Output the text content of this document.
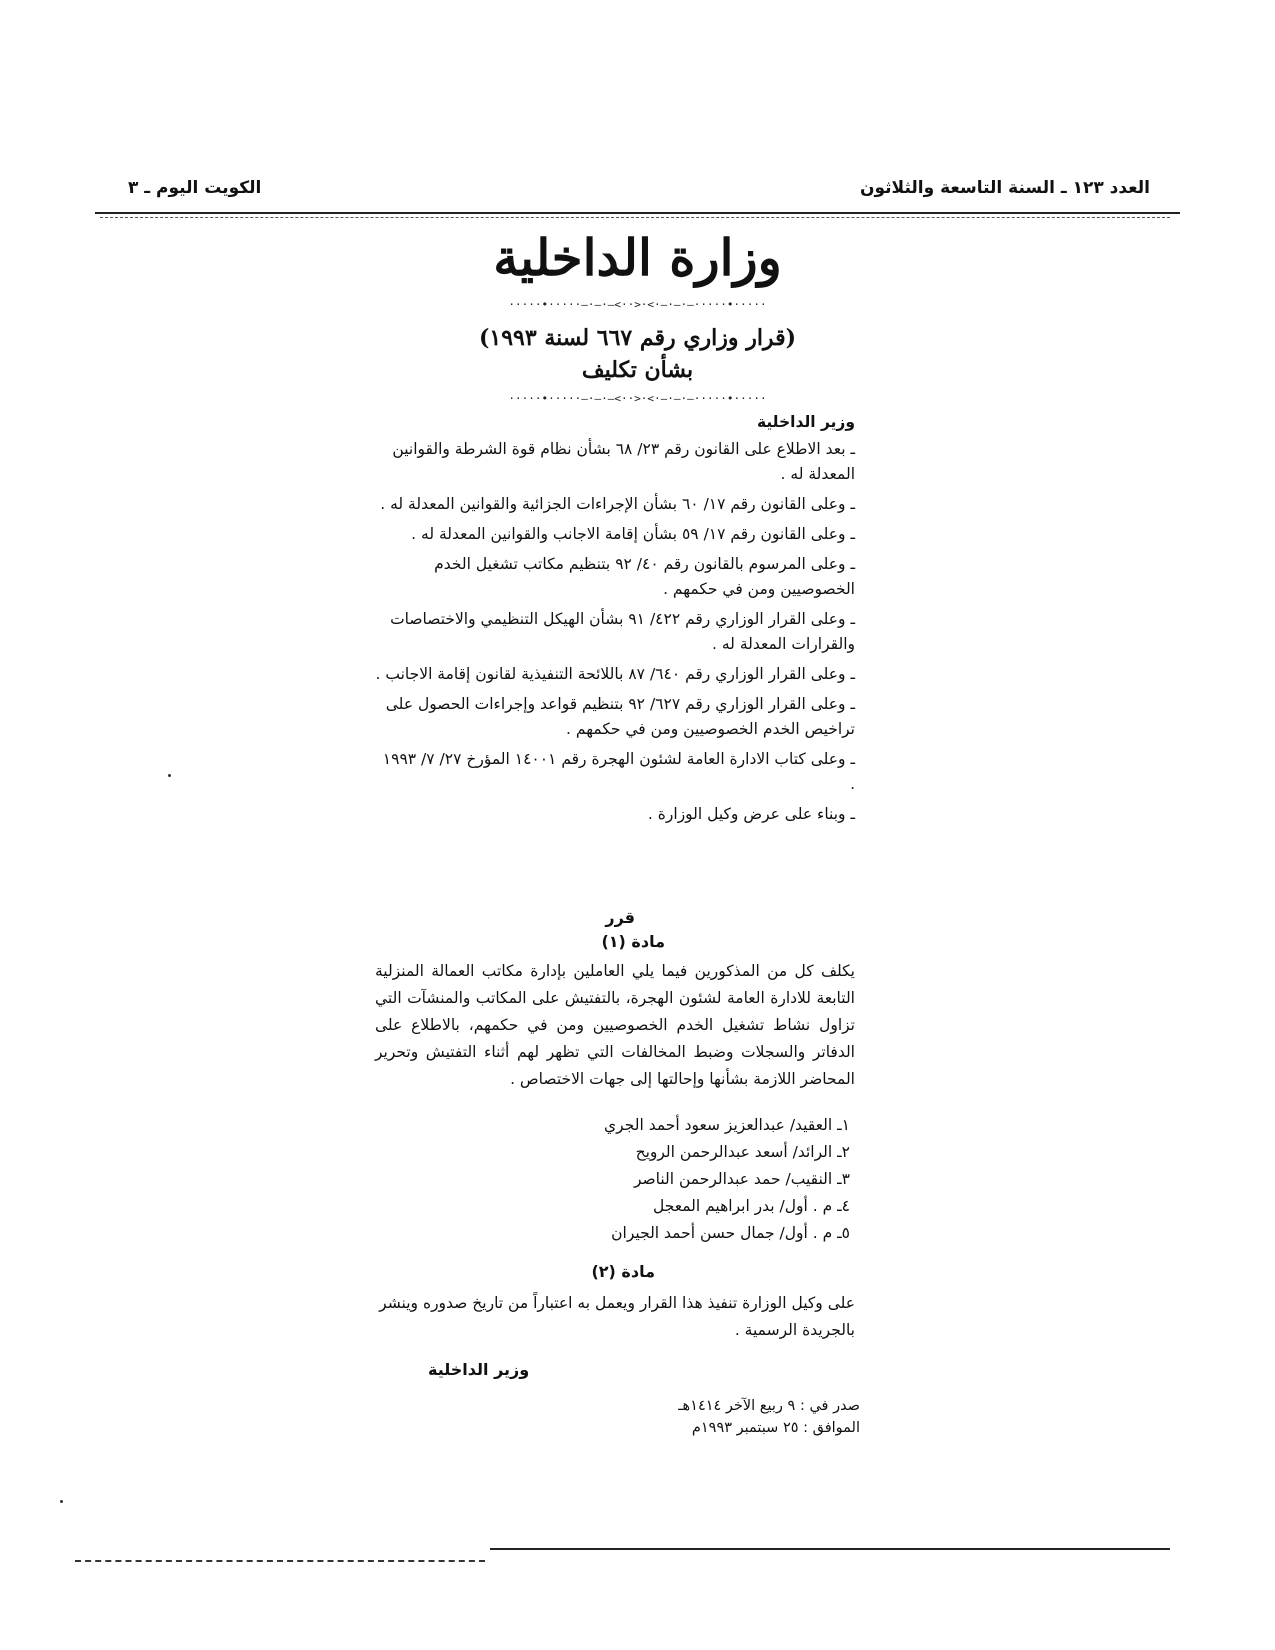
الكويت اليوم ـ ٣	العدد ١٢٣ ـ السنة التاسعة والثلاثون
وزارة الداخلية
·····•·····—·—·—<··>·<·—·—·—·····•·····
(قرار وزاري رقم ٦٦٧ لسنة ١٩٩٣)
بشأن تكليف
·····•·····—·—·—<··>·<·—·—·—·····•·····
وزير الداخلية

ـ بعد الاطلاع على القانون رقم ٢٣/ ٦٨ بشأن نظام قوة الشرطة والقوانين المعدلة له .

ـ وعلى القانون رقم ١٧/ ٦٠ بشأن الإجراءات الجزائية والقوانين المعدلة له .

ـ وعلى القانون رقم ١٧/ ٥٩ بشأن إقامة الاجانب والقوانين المعدلة له .

ـ وعلى المرسوم بالقانون رقم ٤٠/ ٩٢ بتنظيم مكاتب تشغيل الخدم الخصوصيين ومن في حكمهم .

ـ وعلى القرار الوزاري رقم ٤٢٢/ ٩١ بشأن الهيكل التنظيمي والاختصاصات والقرارات المعدلة له .

ـ وعلى القرار الوزاري رقم ٦٤٠/ ٨٧ باللائحة التنفيذية لقانون إقامة الاجانب .

ـ وعلى القرار الوزاري رقم ٦٢٧/ ٩٢ بتنظيم قواعد وإجراءات الحصول على تراخيص الخدم الخصوصيين ومن في حكمهم .

ـ وعلى كتاب الادارة العامة لشئون الهجرة رقم ١٤٠٠١ المؤرخ ٢٧/ ٧/ ١٩٩٣ .

ـ وبناء على عرض وكيل الوزارة .

قرر
مادة (١)
يكلف كل من المذكورين فيما يلي العاملين بإدارة مكاتب العمالة المنزلية التابعة للادارة العامة لشئون الهجرة، بالتفتيش على المكاتب والمنشآت التي تزاول نشاط تشغيل الخدم الخصوصيين ومن في حكمهم، بالاطلاع على الدفاتر والسجلات وضبط المخالفات التي تظهر لهم أثناء التفتيش وتحرير المحاضر اللازمة بشأنها وإحالتها إلى جهات الاختصاص .
١ـ العقيد/ عبدالعزيز سعود أحمد الجري
٢ـ الرائد/ أسعد عبدالرحمن الرويح
٣ـ النقيب/ حمد عبدالرحمن الناصر
٤ـ م . أول/ بدر ابراهيم المعجل
٥ـ م . أول/ جمال حسن أحمد الجيران
مادة (٢)
على وكيل الوزارة تنفيذ هذا القرار ويعمل به اعتباراً من تاريخ صدوره وينشر بالجريدة الرسمية .
وزير الداخلية
صدر في : ٩ ربيع الآخر ١٤١٤هـ
الموافق : ٢٥ سبتمبر ١٩٩٣م
